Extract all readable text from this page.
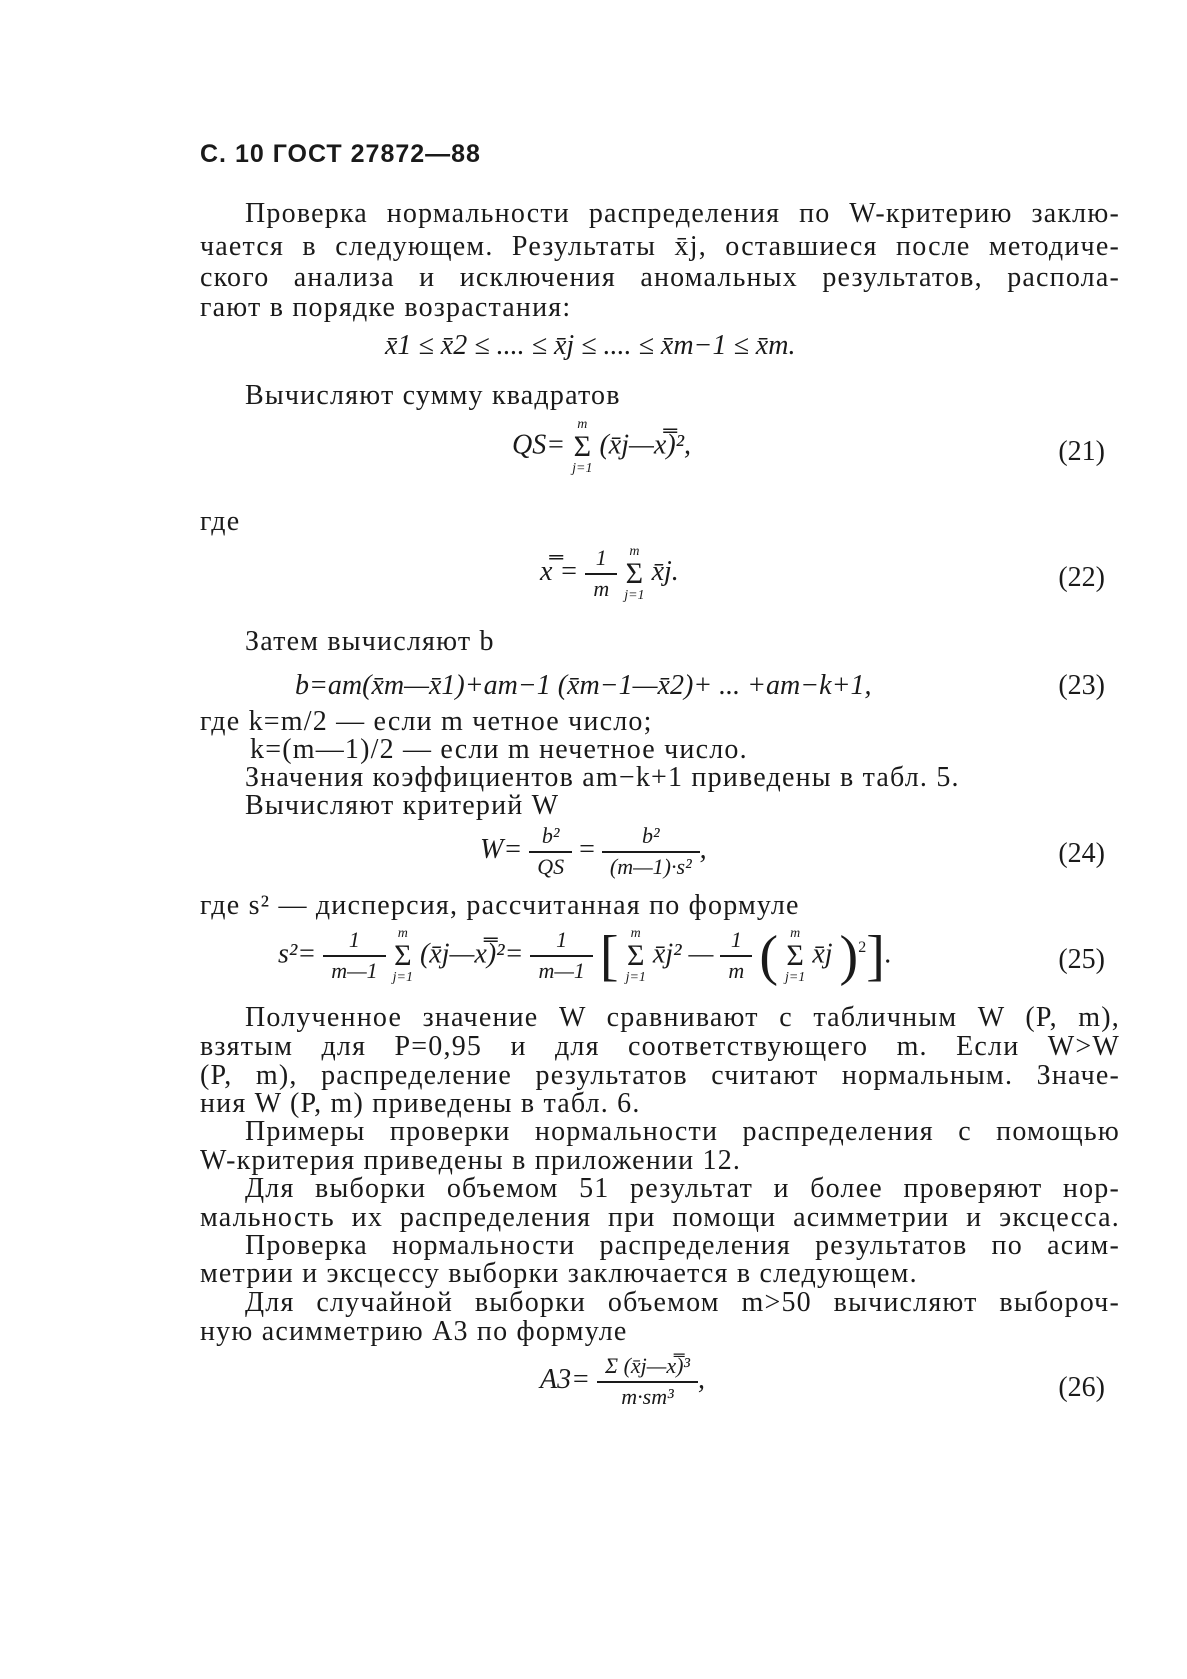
С. 10 ГОСТ 27872—88
Проверка нормальности распределения по W-критерию заклю-
чается в следующем. Результаты x̄j, оставшиеся после методиче-
ского анализа и исключения аномальных результатов, распола-
гают в порядке возрастания:
x̄1 ≤ x̄2 ≤ .... ≤ x̄j ≤ .... ≤ x̄m−1 ≤ x̄m.
Вычисляют сумму квадратов
QS= m
Σ
j=1 (x̄j—x̿)²,	(21)
где
x̿ = $\frac{1}{m}$ m
Σ
j=1 x̄j.	(22)
Затем вычисляют b
b=am(x̄m—x̄1)+am−1 (x̄m−1—x̄2)+ ... +am−k+1,	(23)
где k=m/2 — если m четное число;
k=(m—1)/2 — если m нечетное число.
Значения коэффициентов am−k+1 приведены в табл. 5.
Вычисляют критерий W
$W= \frac{\text{b²}}{QS} = \frac{\text{b²}}{\text{(m—1)·s²}}$ ,	(24)
где s² — дисперсия, рассчитанная по формуле
$s^2= \frac{1}{m—1}$ m
Σ
j=1 (x̄j—x̿)²= $\frac{1}{m—1}$ [ m
Σ
j=1 x̄j² — $\frac{1}{m}$ ( m
Σ
j=1 x̄j )$^2$].	(25)
Полученное значение W сравнивают с табличным W (P, m),
взятым для P=0,95 и для соответствующего m. Если W>W
(P, m), распределение результатов считают нормальным. Значе-
ния W (P, m) приведены в табл. 6.
Примеры проверки нормальности распределения с помощью
W-критерия приведены в приложении 12.
Для выборки объемом 51 результат и более проверяют нор-
мальность их распределения при помощи асимметрии и эксцесса.
Проверка нормальности распределения результатов по асим-
метрии и эксцессу выборки заключается в следующем.
Для случайной выборки объемом m>50 вычисляют выбороч-
ную асимметрию A3 по формуле
$A3= \frac{\text{Σ (x̄j—x̿)³}}{\text{m·sm³}}$ ,	(26)
